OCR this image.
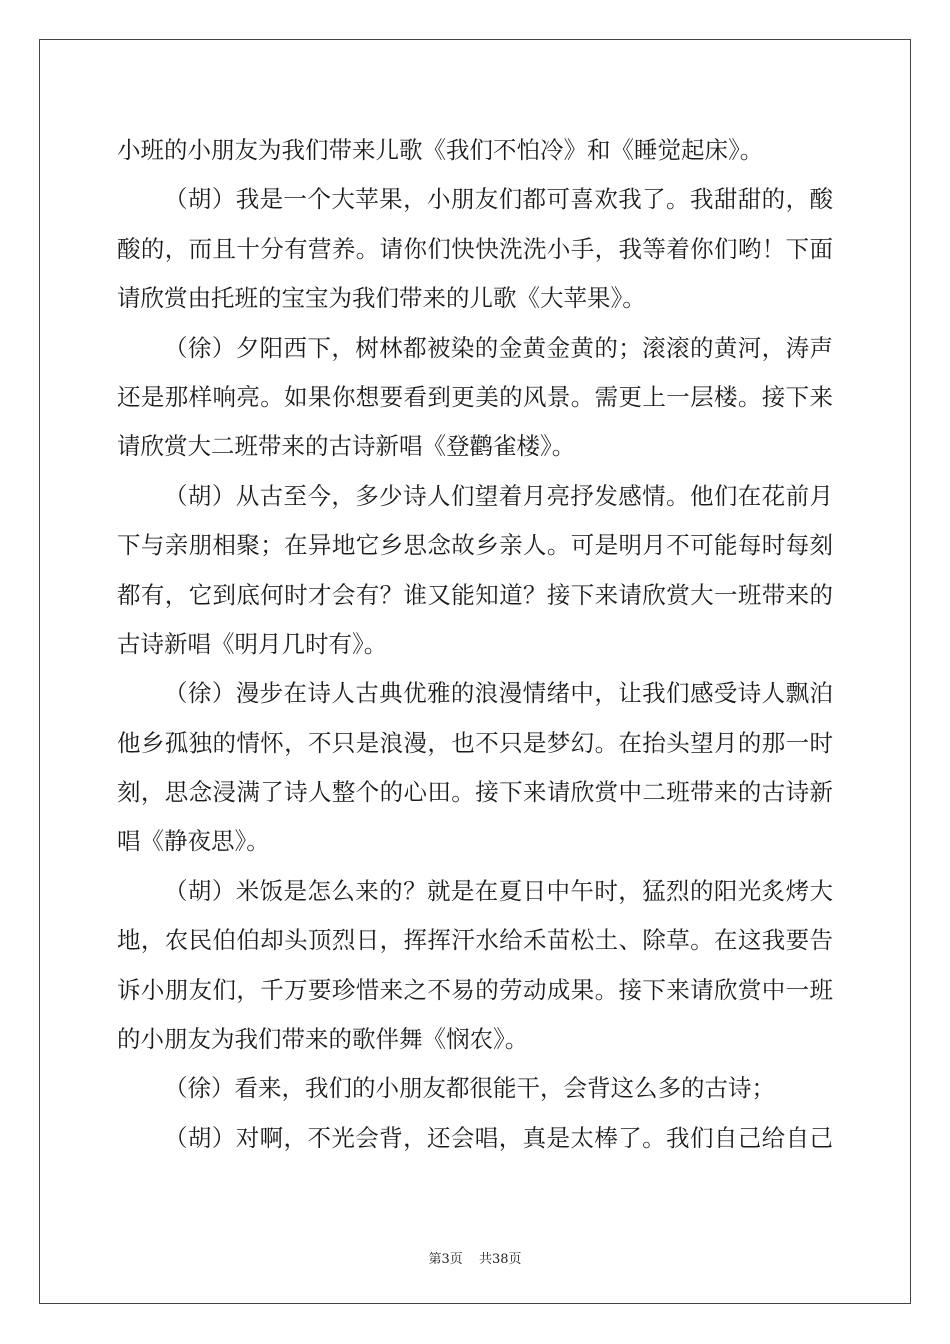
小班的小朋友为我们带来儿歌《我们不怕冷》和《睡觉起床》。
（胡）我是一个大苹果，小朋友们都可喜欢我了。我甜甜的，酸
酸的，而且十分有营养。请你们快快洗洗小手，我等着你们哟！下面
请欣赏由托班的宝宝为我们带来的儿歌《大苹果》。
（徐）夕阳西下，树林都被染的金黄金黄的；滚滚的黄河，涛声
还是那样响亮。如果你想要看到更美的风景。需更上一层楼。接下来
请欣赏大二班带来的古诗新唱《登鹳雀楼》。
（胡）从古至今，多少诗人们望着月亮抒发感情。他们在花前月
下与亲朋相聚；在异地它乡思念故乡亲人。可是明月不可能每时每刻
都有，它到底何时才会有？谁又能知道？接下来请欣赏大一班带来的
古诗新唱《明月几时有》。
（徐）漫步在诗人古典优雅的浪漫情绪中，让我们感受诗人飘泊
他乡孤独的情怀，不只是浪漫，也不只是梦幻。在抬头望月的那一时
刻，思念浸满了诗人整个的心田。接下来请欣赏中二班带来的古诗新
唱《静夜思》。
（胡）米饭是怎么来的？就是在夏日中午时，猛烈的阳光炙烤大
地，农民伯伯却头顶烈日，挥挥汗水给禾苗松土、除草。在这我要告
诉小朋友们，千万要珍惜来之不易的劳动成果。接下来请欣赏中一班
的小朋友为我们带来的歌伴舞《悯农》。
（徐）看来，我们的小朋友都很能干，会背这么多的古诗；
（胡）对啊，不光会背，还会唱，真是太棒了。我们自己给自己
第3页 共38页
